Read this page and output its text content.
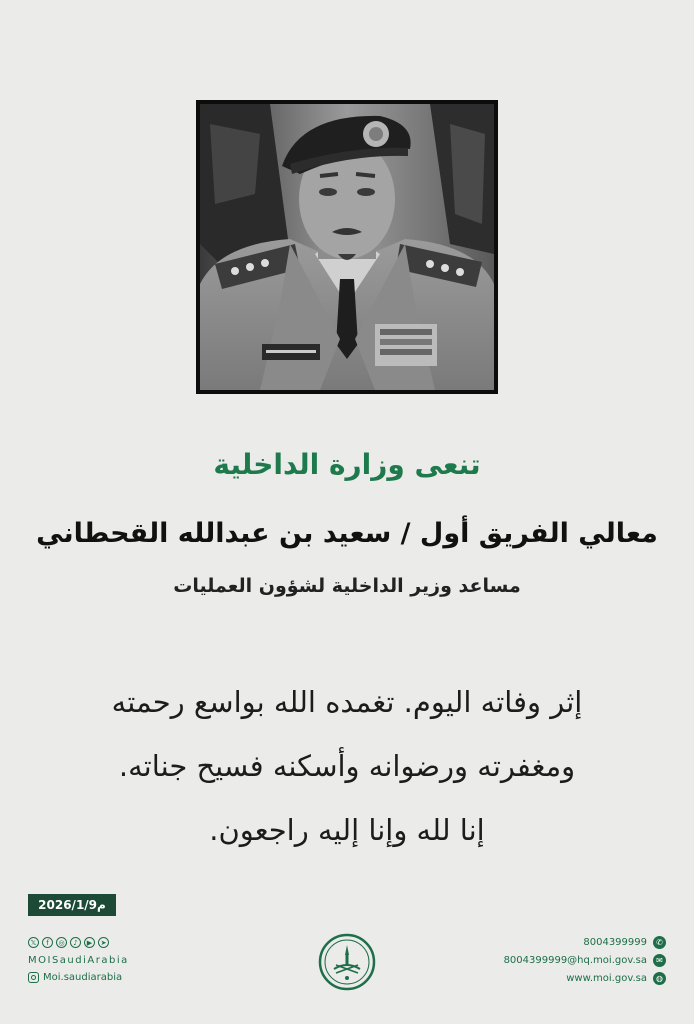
تنعى وزارة الداخلية
معالي الفريق أول / سعيد بن عبدالله القحطاني
مساعد وزير الداخلية لشؤون العمليات
إثر وفاته اليوم. تغمده الله بواسع رحمته
ومغفرته ورضوانه وأسكنه فسيح جناته.
إنا لله وإنا إليه راجعون.
2026/1/9م
𝕏	f	◎	♪	▶	➤
MOISaudiArabia
Moi.saudiarabia
8004399999	✆
8004399999@hq.moi.gov.sa	✉
www.moi.gov.sa	◍
